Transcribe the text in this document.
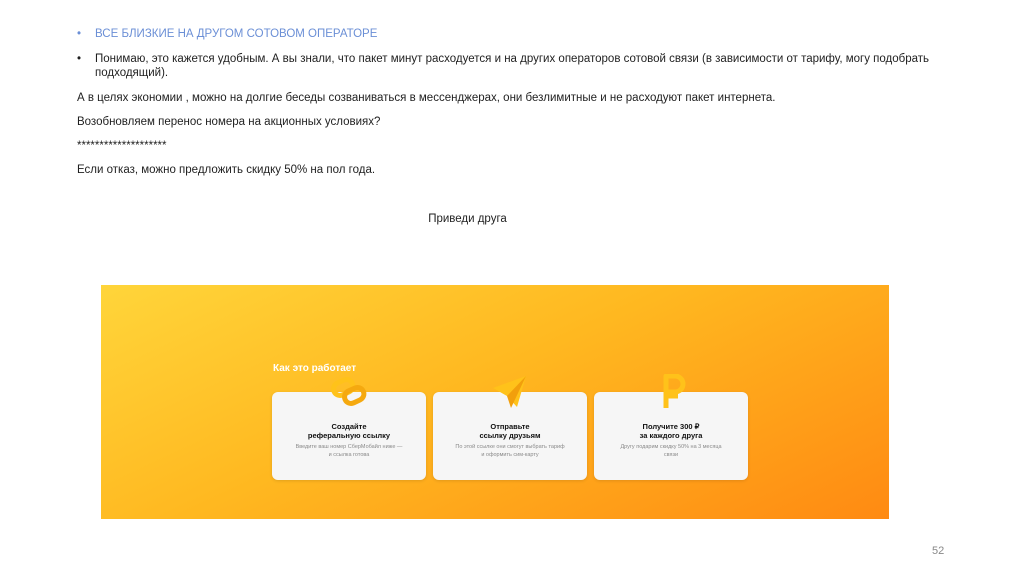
•	ВСЕ БЛИЗКИЕ НА ДРУГОМ СОТОВОМ ОПЕРАТОРЕ
•	Понимаю, это кажется удобным. А вы знали, что пакет минут расходуется и на других операторов сотовой связи (в зависимости от тарифу, могу подобрать подходящий).

А в целях экономии , можно на долгие беседы созваниваться в мессенджерах, они безлимитные и не расходуют пакет интернета.

Возобновляем перенос номера на акционных условиях?

********************

Если отказ, можно предложить скидку 50% на пол года.

Приведи друга
Как это работает
Создайте
реферальную ссылку
Введите ваш номер СберМобайл ниже —
и ссылка готова
Отправьте
ссылку друзьям
По этой ссылке они смогут выбрать тариф
и оформить сим-карту
Получите 300 ₽
за каждого друга
Другу подарим скидку 50% на 3 месяца
связи
52
